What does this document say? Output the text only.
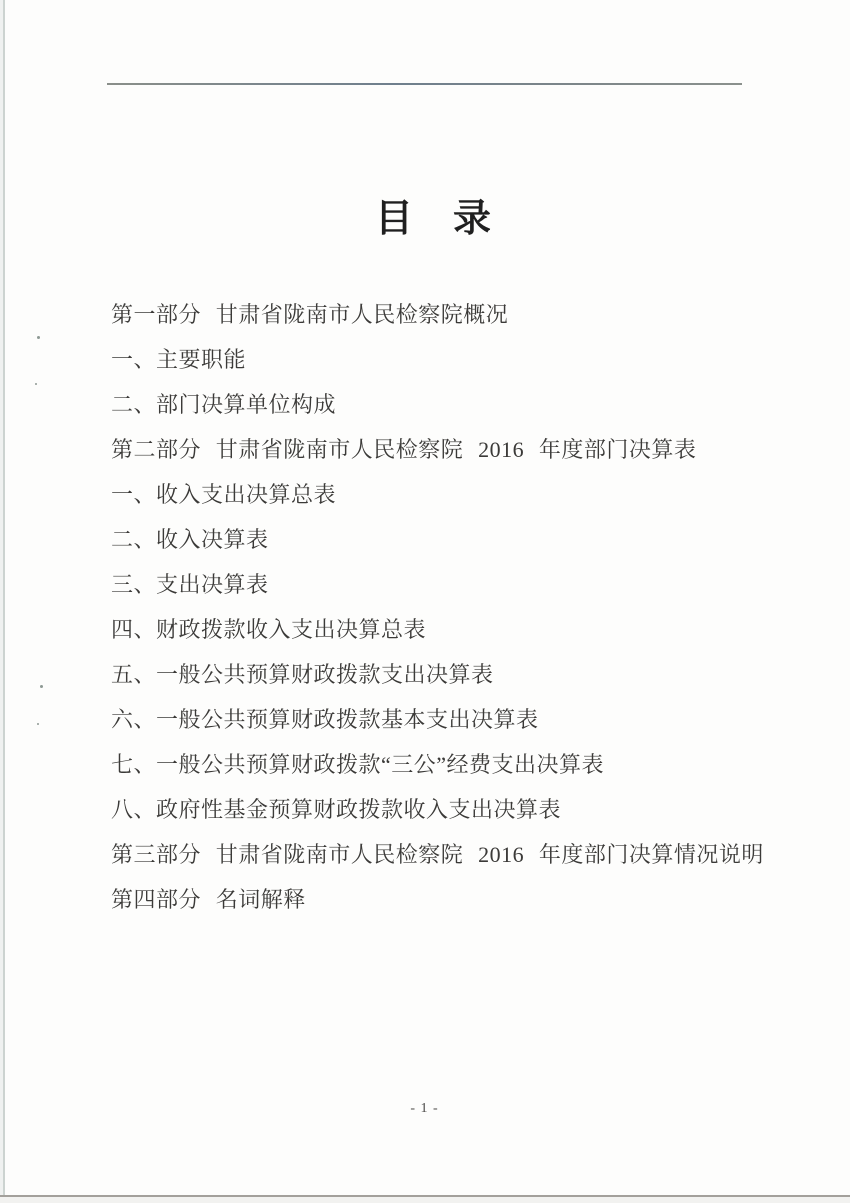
目　录
第一部分 甘肃省陇南市人民检察院概况
一、主要职能
二、部门决算单位构成
第二部分 甘肃省陇南市人民检察院 2016 年度部门决算表
一、收入支出决算总表
二、收入决算表
三、支出决算表
四、财政拨款收入支出决算总表
五、一般公共预算财政拨款支出决算表
六、一般公共预算财政拨款基本支出决算表
七、一般公共预算财政拨款“三公”经费支出决算表
八、政府性基金预算财政拨款收入支出决算表
第三部分 甘肃省陇南市人民检察院 2016 年度部门决算情况说明
第四部分 名词解释
- 1 -
